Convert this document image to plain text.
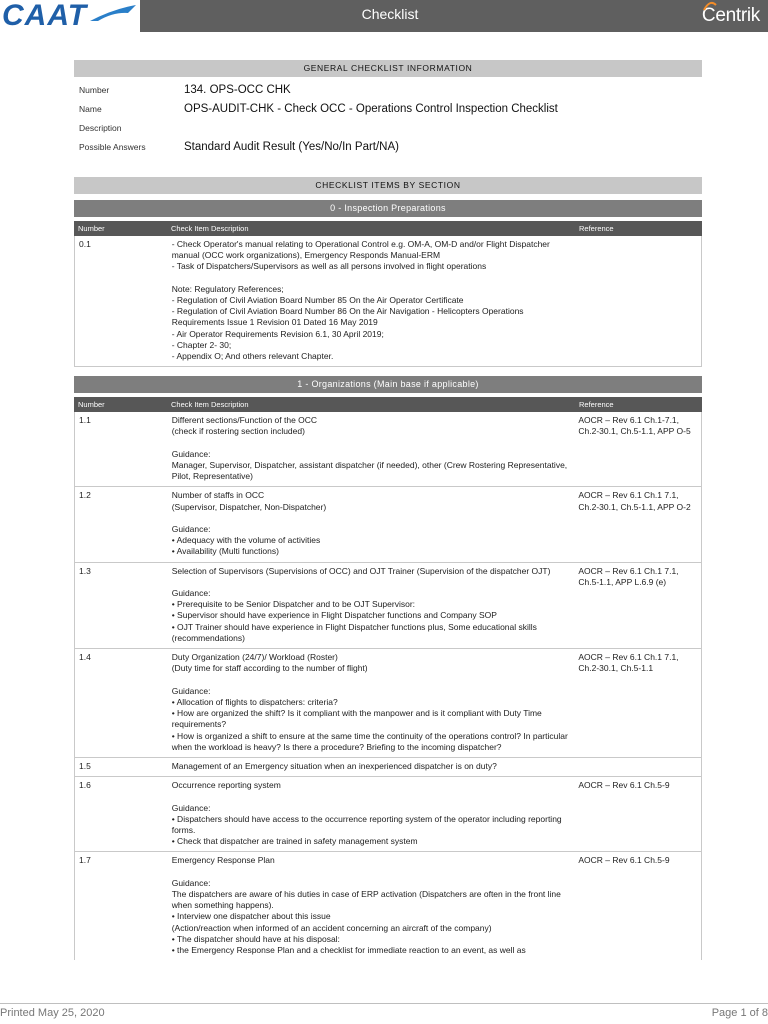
CAAT	Checklist	Centrik
GENERAL CHECKLIST INFORMATION
Number	134. OPS-OCC CHK
Name	OPS-AUDIT-CHK - Check OCC - Operations Control Inspection Checklist
Description	
Possible Answers	Standard Audit Result (Yes/No/In Part/NA)
CHECKLIST ITEMS BY SECTION
0 - Inspection Preparations
Number	Check Item Description	Reference
0.1	- Check Operator's manual relating to Operational Control e.g. OM-A, OM-D and/or Flight Dispatcher manual (OCC work organizations), Emergency Responds Manual-ERM
- Task of Dispatchers/Supervisors as well as all persons involved in flight operations

Note: Regulatory References;
- Regulation of Civil Aviation Board Number 85 On the Air Operator Certificate
- Regulation of Civil Aviation Board Number 86 On the Air Navigation - Helicopters Operations Requirements Issue 1 Revision 01 Dated 16 May 2019
- Air Operator Requirements Revision 6.1, 30 April 2019;
- Chapter 2- 30;
- Appendix O; And others relevant Chapter.
1 - Organizations (Main base if applicable)
Number	Check Item Description	Reference
1.1	Different sections/Function of the OCC
(check if rostering section included)

Guidance:
Manager, Supervisor, Dispatcher, assistant dispatcher (if needed), other (Crew Rostering Representative, Pilot, Representative)
AOCR – Rev 6.1 Ch.1-7.1, Ch.2-30.1, Ch.5-1.1, APP O-5
1.2	Number of staffs in OCC
(Supervisor, Dispatcher, Non-Dispatcher)

Guidance:
• Adequacy with the volume of activities
• Availability (Multi functions)
AOCR – Rev 6.1 Ch.1 7.1, Ch.2-30.1, Ch.5-1.1, APP O-2
1.3	Selection of Supervisors (Supervisions of OCC) and OJT Trainer (Supervision of the dispatcher OJT)

Guidance:
• Prerequisite to be Senior Dispatcher and to be OJT Supervisor:
• Supervisor should have experience in Flight Dispatcher functions and Company SOP
• OJT Trainer should have experience in Flight Dispatcher functions plus, Some educational skills (recommendations)
AOCR – Rev 6.1 Ch.1 7.1, Ch.5-1.1, APP L.6.9 (e)
1.4	Duty Organization (24/7)/ Workload (Roster)
(Duty time for staff according to the number of flight)

Guidance:
• Allocation of flights to dispatchers: criteria?
• How are organized the shift? Is it compliant with the manpower and is it compliant with Duty Time requirements?
• How is organized a shift to ensure at the same time the continuity of the operations control? In particular when the workload is heavy? Is there a procedure? Briefing to the incoming dispatcher?
AOCR – Rev 6.1 Ch.1 7.1, Ch.2-30.1, Ch.5-1.1
1.5	Management of an Emergency situation when an inexperienced dispatcher is on duty?
1.6	Occurrence reporting system

Guidance:
• Dispatchers should have access to the occurrence reporting system of the operator including reporting forms.
• Check that dispatcher are trained in safety management system
AOCR – Rev 6.1 Ch.5-9
1.7	Emergency Response Plan

Guidance:
The dispatchers are aware of his duties in case of ERP activation (Dispatchers are often in the front line when something happens).
• Interview one dispatcher about this issue
(Action/reaction when informed of an accident concerning an aircraft of the company)
• The dispatcher should have at his disposal:
• the Emergency Response Plan and a checklist for immediate reaction to an event, as well as
AOCR – Rev 6.1 Ch.5-9
Printed May 25, 2020	Page 1 of 8
